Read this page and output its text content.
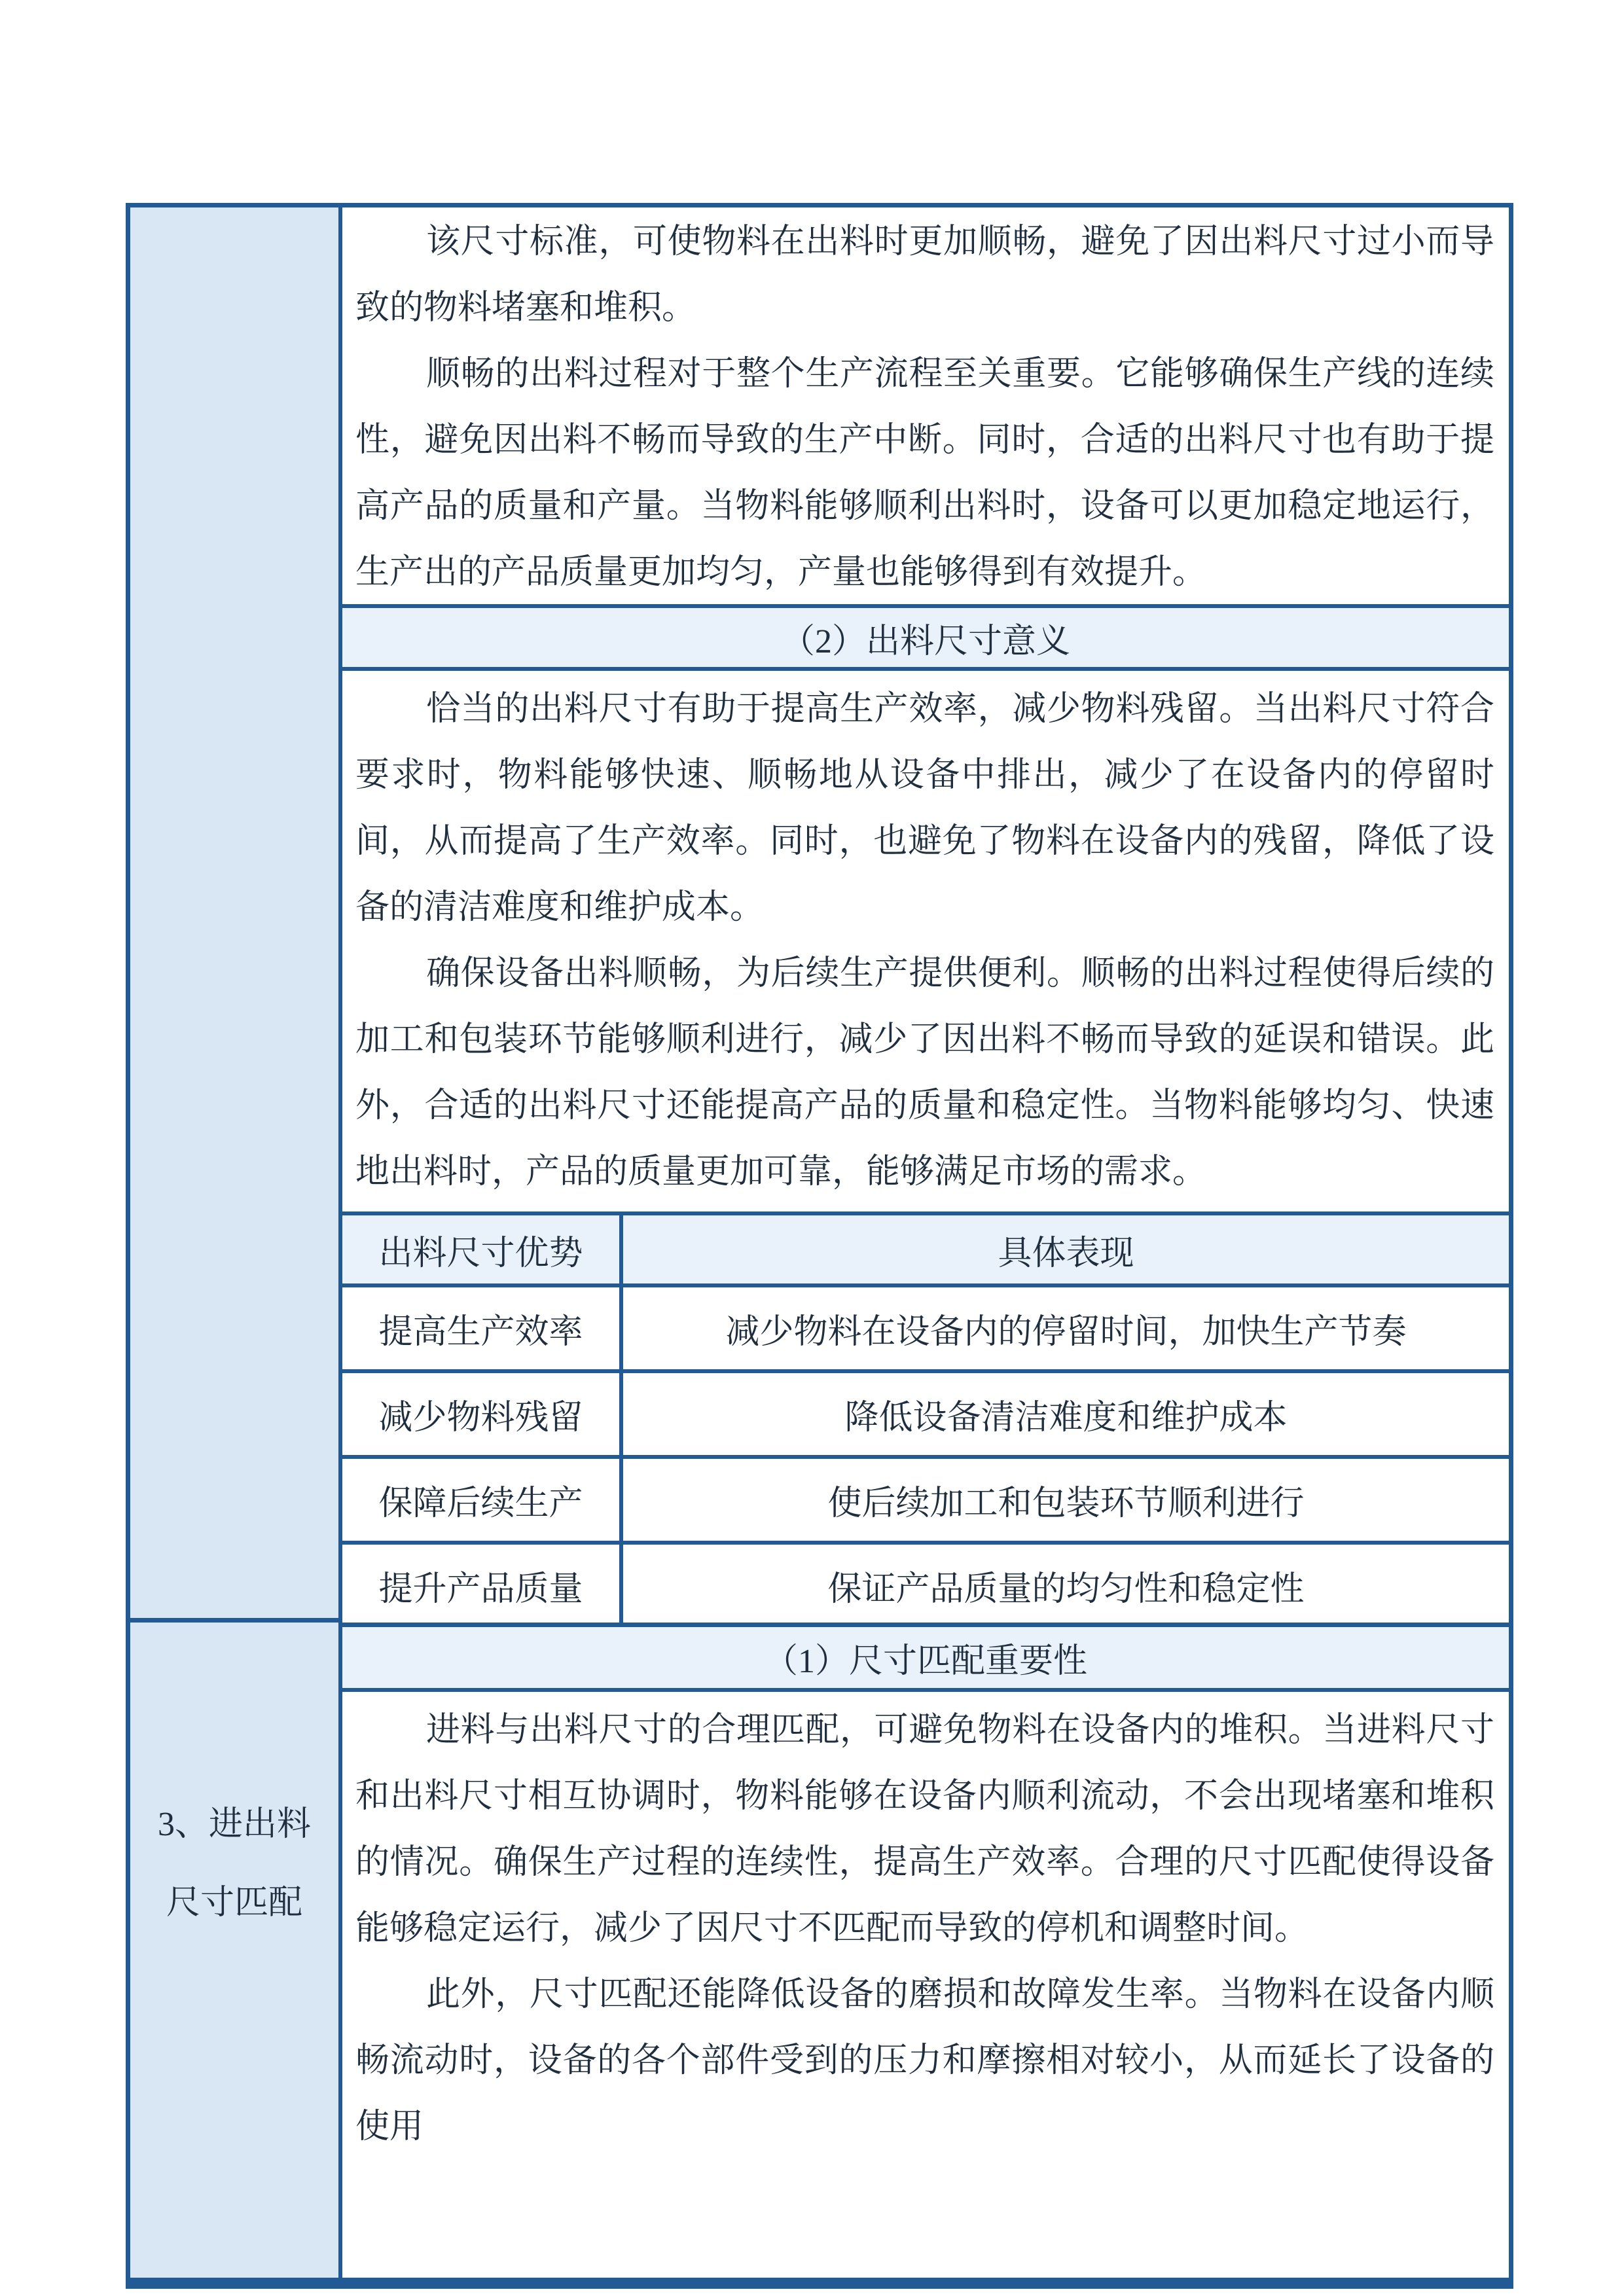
3、进出料
尺寸匹配

该尺寸标准，可使物料在出料时更加顺畅，避免了因出料尺寸过小而导致的物料堵塞和堆积。

顺畅的出料过程对于整个生产流程至关重要。它能够确保生产线的连续性，避免因出料不畅而导致的生产中断。同时，合适的出料尺寸也有助于提高产品的质量和产量。当物料能够顺利出料时，设备可以更加稳定地运行，生产出的产品质量更加均匀，产量也能够得到有效提升。

（2）出料尺寸意义

恰当的出料尺寸有助于提高生产效率，减少物料残留。当出料尺寸符合要求时，物料能够快速、顺畅地从设备中排出，减少了在设备内的停留时间，从而提高了生产效率。同时，也避免了物料在设备内的残留，降低了设备的清洁难度和维护成本。

确保设备出料顺畅，为后续生产提供便利。顺畅的出料过程使得后续的加工和包装环节能够顺利进行，减少了因出料不畅而导致的延误和错误。此外，合适的出料尺寸还能提高产品的质量和稳定性。当物料能够均匀、快速地出料时，产品的质量更加可靠，能够满足市场的需求。

出料尺寸优势	具体表现
提高生产效率	减少物料在设备内的停留时间，加快生产节奏
减少物料残留	降低设备清洁难度和维护成本
保障后续生产	使后续加工和包装环节顺利进行
提升产品质量	保证产品质量的均匀性和稳定性
（1）尺寸匹配重要性

进料与出料尺寸的合理匹配，可避免物料在设备内的堆积。当进料尺寸和出料尺寸相互协调时，物料能够在设备内顺利流动，不会出现堵塞和堆积的情况。确保生产过程的连续性，提高生产效率。合理的尺寸匹配使得设备能够稳定运行，减少了因尺寸不匹配而导致的停机和调整时间。

此外，尺寸匹配还能降低设备的磨损和故障发生率。当物料在设备内顺畅流动时，设备的各个部件受到的压力和摩擦相对较小，从而延长了设备的使用
